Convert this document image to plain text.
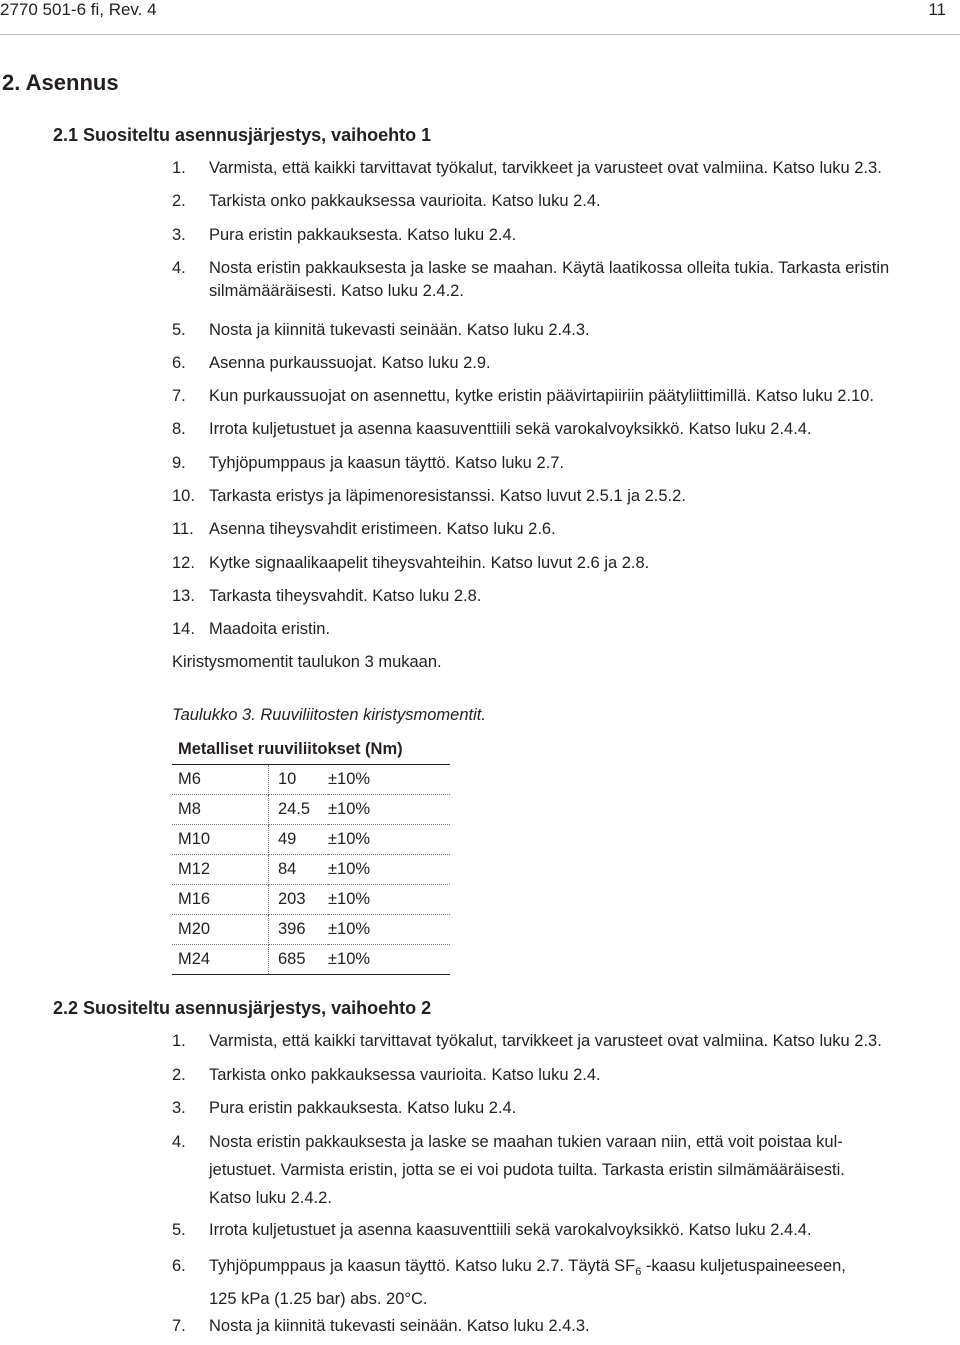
2770 501-6 fi, Rev. 4	11
2. Asennus
2.1 Suositeltu asennusjärjestys, vaihoehto 1
1. Varmista, että kaikki tarvittavat työkalut, tarvikkeet ja varusteet ovat valmiina. Katso luku 2.3.
2. Tarkista onko pakkauksessa vaurioita. Katso luku 2.4.
3. Pura eristin pakkauksesta. Katso luku 2.4.
4. Nosta eristin pakkauksesta ja laske se maahan. Käytä laatikossa olleita tukia. Tarkasta eristin silmämääräisesti. Katso luku 2.4.2.
5. Nosta ja kiinnitä tukevasti seinään. Katso luku 2.4.3.
6. Asenna purkaussuojat. Katso luku 2.9.
7. Kun purkaussuojat on asennettu, kytke eristin päävirtapiiriin päätyliittimillä. Katso luku 2.10.
8. Irrota kuljetustuet ja asenna kaasuventtiili sekä varokalvoyksikkö. Katso luku 2.4.4.
9. Tyhjöpumppaus ja kaasun täyttö. Katso luku 2.7.
10. Tarkasta eristys ja läpimenoresistanssi. Katso luvut 2.5.1 ja 2.5.2.
11. Asenna tiheysvahdit eristimeen. Katso luku 2.6.
12. Kytke signaalikaapelit tiheysvahteihin. Katso luvut 2.6 ja 2.8.
13. Tarkasta tiheysvahdit. Katso luku 2.8.
14. Maadoita eristin.
Kiristysmomentit taulukon 3 mukaan.
Taulukko 3. Ruuviliitosten kiristysmomentit.
Metalliset ruuviliitokset (Nm)		
M6	10	±10%
M8	24.5	±10%
M10	49	±10%
M12	84	±10%
M16	203	±10%
M20	396	±10%
M24	685	±10%
2.2 Suositeltu asennusjärjestys, vaihoehto 2
1. Varmista, että kaikki tarvittavat työkalut, tarvikkeet ja varusteet ovat valmiina. Katso luku 2.3.
2. Tarkista onko pakkauksessa vaurioita. Katso luku 2.4.
3. Pura eristin pakkauksesta. Katso luku 2.4.
4. Nosta eristin pakkauksesta ja laske se maahan tukien varaan niin, että voit poistaa kul-
jetustuet. Varmista eristin, jotta se ei voi pudota tuilta. Tarkasta eristin silmämääräisesti.
Katso luku 2.4.2.
5. Irrota kuljetustuet ja asenna kaasuventtiili sekä varokalvoyksikkö. Katso luku 2.4.4.
6. Tyhjöpumppaus ja kaasun täyttö. Katso luku 2.7. Täytä $SF_6$ -kaasu kuljetuspaineeseen,
125 kPa (1.25 bar) abs. 20°C.
7. Nosta ja kiinnitä tukevasti seinään. Katso luku 2.4.3.
